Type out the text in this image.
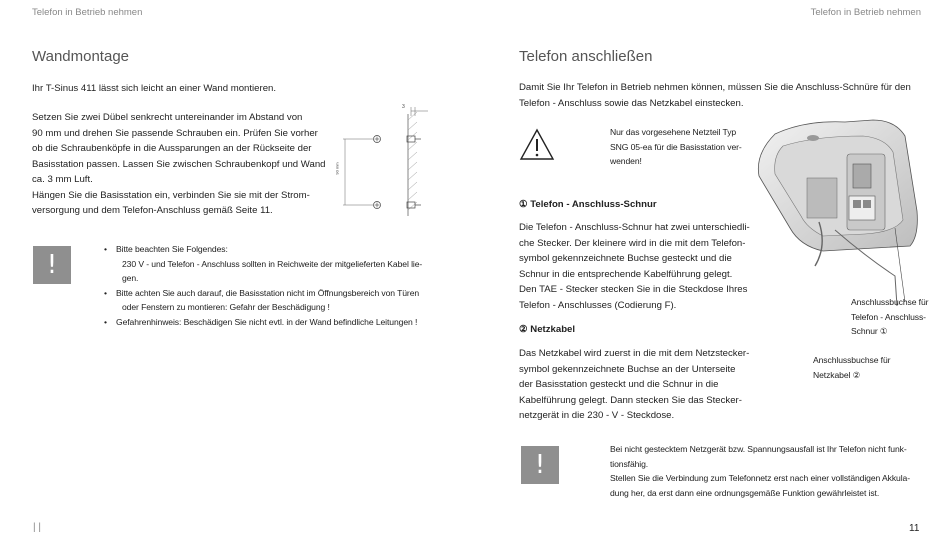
Telefon in Betrieb nehmen	Telefon in Betrieb nehmen
Wandmontage
Ihr T-Sinus 411 lässt sich leicht an einer Wand montieren.
Setzen Sie zwei Dübel senkrecht untereinander im Abstand von
90 mm und drehen Sie passende Schrauben ein. Prüfen Sie vorher
ob die Schraubenköpfe in die Aussparungen an der Rückseite der
Basisstation passen. Lassen Sie zwischen Schraubenkopf und Wand
ca. 3 mm Luft.
Hängen Sie die Basisstation ein, verbinden Sie sie mit der Strom-
versorgung und dem Telefon-Anschluss gemäß Seite 11.
3
90 mm
!
• Bitte beachten Sie Folgendes:
230 V - und Telefon - Anschluss sollten in Reichweite der mitgelieferten Kabel lie-
gen.
• Bitte achten Sie auch darauf, die Basisstation nicht im Öffnungsbereich von Türen
oder Fenstern zu montieren: Gefahr der Beschädigung !
• Gefahrenhinweis: Beschädigen Sie nicht evtl. in der Wand befindliche Leitungen !
Telefon anschließen
Damit Sie Ihr Telefon in Betrieb nehmen können, müssen Sie die Anschluss-Schnüre für den
Telefon - Anschluss sowie das Netzkabel einstecken.
Nur das vorgesehene Netzteil Typ
SNG 05-ea für die Basisstation ver-
wenden!
① Telefon - Anschluss-Schnur
Die Telefon - Anschluss-Schnur hat zwei unterschiedli-
che Stecker. Der kleinere wird in die mit dem Telefon-
symbol gekennzeichnete Buchse gesteckt und die
Schnur in die entsprechende Kabelführung gelegt.
Den TAE - Stecker stecken Sie in die Steckdose Ihres
Telefon - Anschlusses (Codierung F).
② Netzkabel
Das Netzkabel wird zuerst in die mit dem Netzstecker-
symbol gekennzeichnete Buchse an der Unterseite
der Basisstation gesteckt und die Schnur in die
Kabelführung gelegt. Dann stecken Sie das Stecker-
netzgerät in die 230 - V - Steckdose.
Anschlussbuchse für
Telefon - Anschluss-
Schnur ①
Anschlussbuchse für
Netzkabel ②
!
Bei nicht gestecktem Netzgerät bzw. Spannungsausfall ist Ihr Telefon nicht funk-
tionsfähig.
Stellen Sie die Verbindung zum Telefonnetz erst nach einer vollständigen Akkula-
dung her, da erst dann eine ordnungsgemäße Funktion gewährleistet ist.
| |	11
